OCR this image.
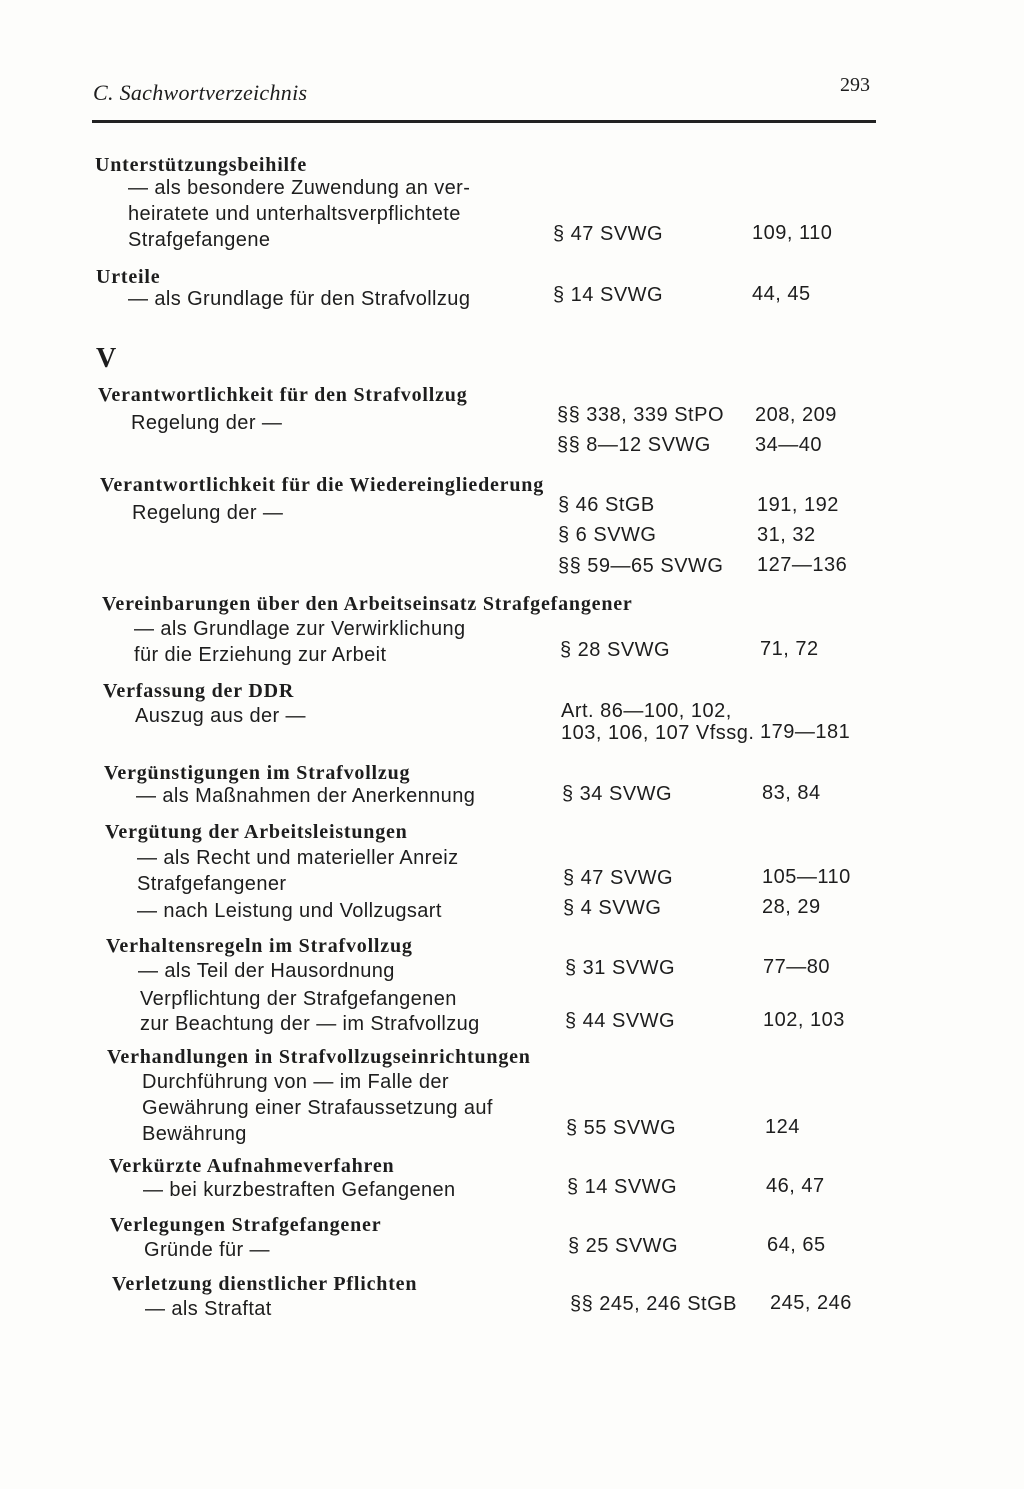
C. Sachwortverzeichnis	293
Unterstützungsbeihilfe
— als besondere Zuwendung an ver-
heiratete und unterhaltsverpflichtete
Strafgefangene	§ 47 SVWG	109, 110
Urteile
— als Grundlage für den Strafvollzug	§ 14 SVWG	44, 45
V
Verantwortlichkeit für den Strafvollzug
Regelung der —	§§ 338, 339 StPO 208, 209
§§ 8—12 SVWG 34—40
Verantwortlichkeit für die Wiedereingliederung
Regelung der —	§ 46 StGB	191, 192
§ 6 SVWG	31, 32
§§ 59—65 SVWG 127—136
Vereinbarungen über den Arbeitseinsatz Strafgefangener
— als Grundlage zur Verwirklichung
für die Erziehung zur Arbeit	§ 28 SVWG	71, 72
Verfassung der DDR
Auszug aus der —	Art. 86—100, 102,
103, 106, 107 Vfssg. 179—181
Vergünstigungen im Strafvollzug
— als Maßnahmen der Anerkennung	§ 34 SVWG	83, 84
Vergütung der Arbeitsleistungen
— als Recht und materieller Anreiz
Strafgefangener
— nach Leistung und Vollzugsart
§ 47 SVWG	105—110
§ 4 SVWG	28, 29
Verhaltensregeln im Strafvollzug
— als Teil der Hausordnung
Verpflichtung der Strafgefangenen
zur Beachtung der — im Strafvollzug
§ 31 SVWG	77—80
§ 44 SVWG	102, 103
Verhandlungen in Strafvollzugseinrichtungen
Durchführung von — im Falle der
Gewährung einer Strafaussetzung auf
Bewährung	§ 55 SVWG	124
Verkürzte Aufnahmeverfahren
— bei kurzbestraften Gefangenen	§ 14 SVWG	46, 47
Verlegungen Strafgefangener
Gründe für —	§ 25 SVWG	64, 65
Verletzung dienstlicher Pflichten
— als Straftat	§§ 245, 246 StGB 245, 246
